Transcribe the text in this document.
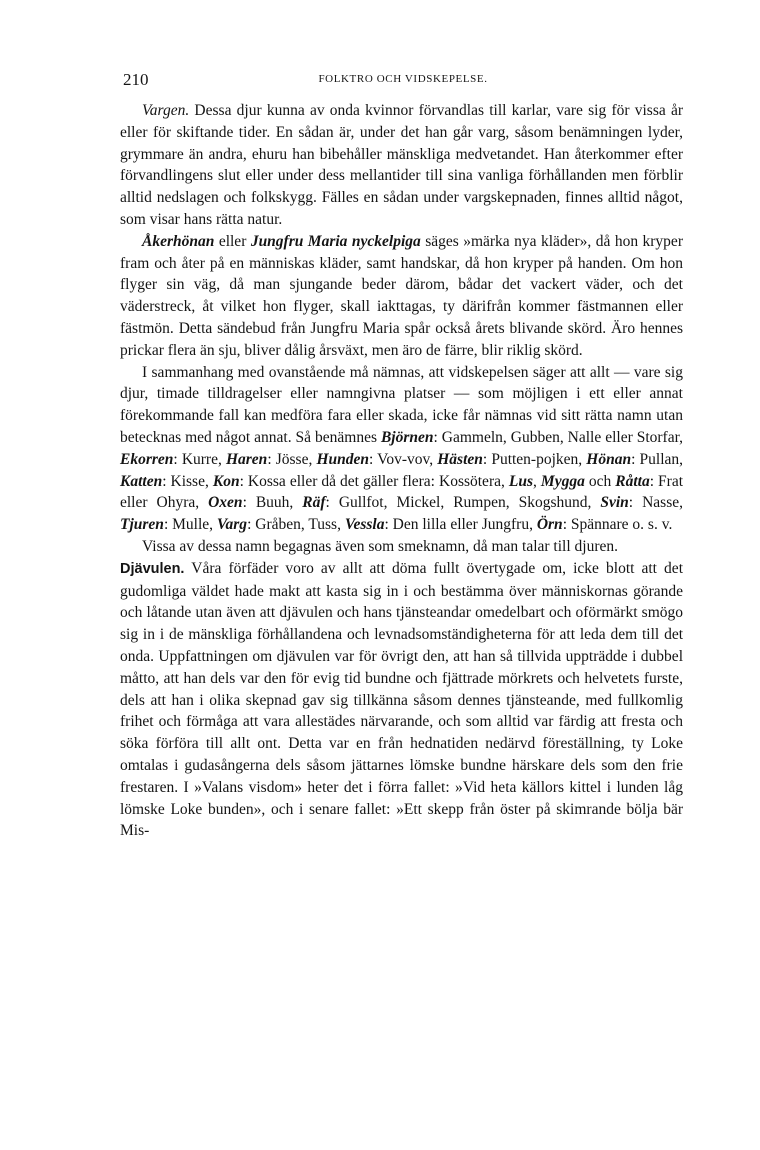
210	FOLKTRO OCH VIDSKEPELSE.

Vargen. Dessa djur kunna av onda kvinnor förvandlas till karlar, vare sig för vissa år eller för skiftande tider. En sådan är, under det han går varg, såsom benämningen lyder, grymmare än andra, ehuru han bibehåller mänskliga medvetandet. Han återkommer efter förvandlingens slut eller under dess mellantider till sina vanliga förhållanden men förblir alltid nedslagen och folkskygg. Fälles en sådan under vargskepnaden, finnes alltid något, som visar hans rätta natur.

Åkerhönan eller Jungfru Maria nyckelpiga säges »märka nya kläder», då hon kryper fram och åter på en människas kläder, samt handskar, då hon kryper på handen. Om hon flyger sin väg, då man sjungande beder därom, bådar det vackert väder, och det väderstreck, åt vilket hon flyger, skall iakttagas, ty därifrån kommer fästmannen eller fästmön. Detta sändebud från Jungfru Maria spår också årets blivande skörd. Äro hennes prickar flera än sju, bliver dålig årsväxt, men äro de färre, blir riklig skörd.

I sammanhang med ovanstående må nämnas, att vidskepelsen säger att allt — vare sig djur, timade tilldragelser eller namngivna platser — som möjligen i ett eller annat förekommande fall kan medföra fara eller skada, icke får nämnas vid sitt rätta namn utan betecknas med något annat. Så benämnes Björnen: Gammeln, Gubben, Nalle eller Storfar, Ekorren: Kurre, Haren: Jösse, Hunden: Vov-vov, Hästen: Putten-pojken, Hönan: Pullan, Katten: Kisse, Kon: Kossa eller då det gäller flera: Kossötera, Lus, Mygga och Råtta: Frat eller Ohyra, Oxen: Buuh, Räf: Gullfot, Mickel, Rumpen, Skogshund, Svin: Nasse, Tjuren: Mulle, Varg: Gråben, Tuss, Vessla: Den lilla eller Jungfru, Örn: Spännare o. s. v.

Vissa av dessa namn begagnas även som smeknamn, då man talar till djuren.

Djävulen. Våra förfäder voro av allt att döma fullt övertygade om, icke blott att det gudomliga väldet hade makt att kasta sig in i och bestämma över människornas görande och låtande utan även att djävulen och hans tjänsteandar omedelbart och oförmärkt smögo sig in i de mänskliga förhållandena och levnadsomständigheterna för att leda dem till det onda. Uppfattningen om djävulen var för övrigt den, att han så tillvida uppträdde i dubbel måtto, att han dels var den för evig tid bundne och fjättrade mörkrets och helvetets furste, dels att han i olika skepnad gav sig tillkänna såsom dennes tjänsteande, med fullkomlig frihet och förmåga att vara allestädes närvarande, och som alltid var färdig att fresta och söka förföra till allt ont. Detta var en från hednatiden nedärvd föreställning, ty Loke omtalas i gudasångerna dels såsom jättarnes lömske bundne härskare dels som den frie frestaren. I »Valans visdom» heter det i förra fallet: »Vid heta källors kittel i lunden låg lömske Loke bunden», och i senare fallet: »Ett skepp från öster på skimrande bölja bär Mis-
